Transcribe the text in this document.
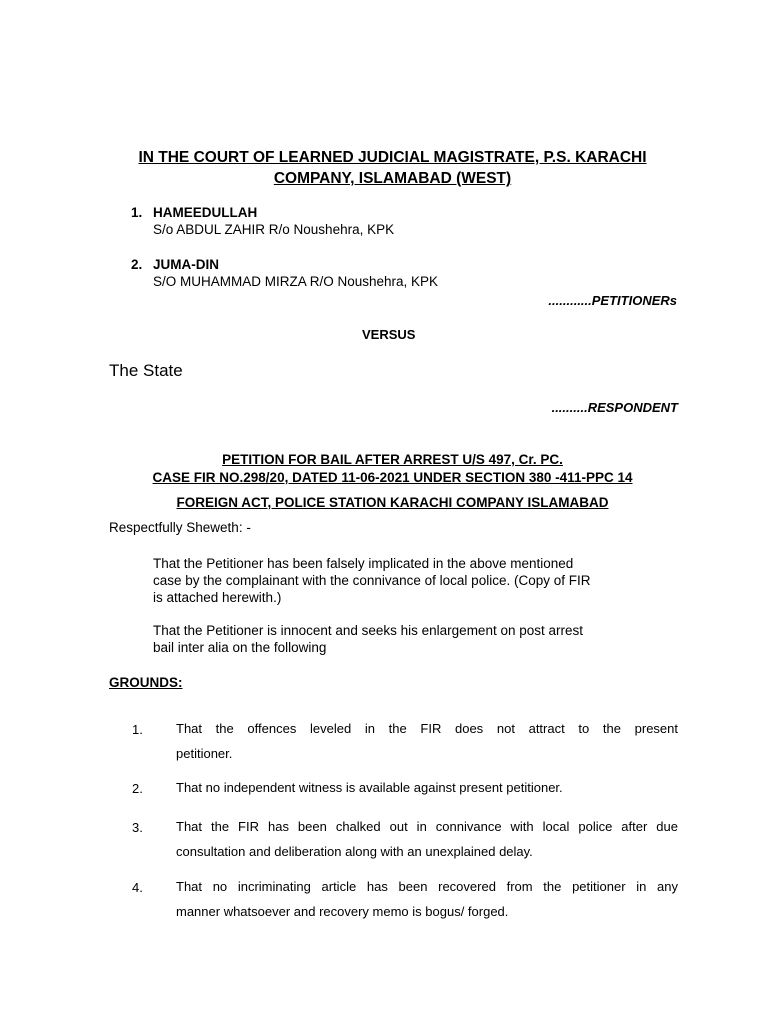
IN THE COURT OF LEARNED JUDICIAL MAGISTRATE, P.S. KARACHI
COMPANY, ISLAMABAD (WEST)
1. HAMEEDULLAH
S/o ABDUL ZAHIR R/o Noushehra, KPK
2. JUMA-DIN
S/O MUHAMMAD MIRZA R/O Noushehra, KPK
............PETITIONERs
VERSUS
The State
..........RESPONDENT
PETITION FOR BAIL AFTER ARREST U/S 497, Cr. PC.
CASE FIR NO.298/20, DATED 11-06-2021 UNDER SECTION 380 -411-PPC 14
FOREIGN ACT, POLICE STATION KARACHI COMPANY ISLAMABAD
Respectfully Sheweth: -
That the Petitioner has been falsely implicated in the above mentioned
case by the complainant with the connivance of local police. (Copy of FIR
is attached herewith.)
That the Petitioner is innocent and seeks his enlargement on post arrest
bail inter alia on the following
GROUNDS:
1.	That the offences leveled in the FIR does not attract to the present
petitioner.
2.	That no independent witness is available against present petitioner.
3.	That the FIR has been chalked out in connivance with local police after due
consultation and deliberation along with an unexplained delay.
4.	That no incriminating article has been recovered from the petitioner in any
manner whatsoever and recovery memo is bogus/ forged.
